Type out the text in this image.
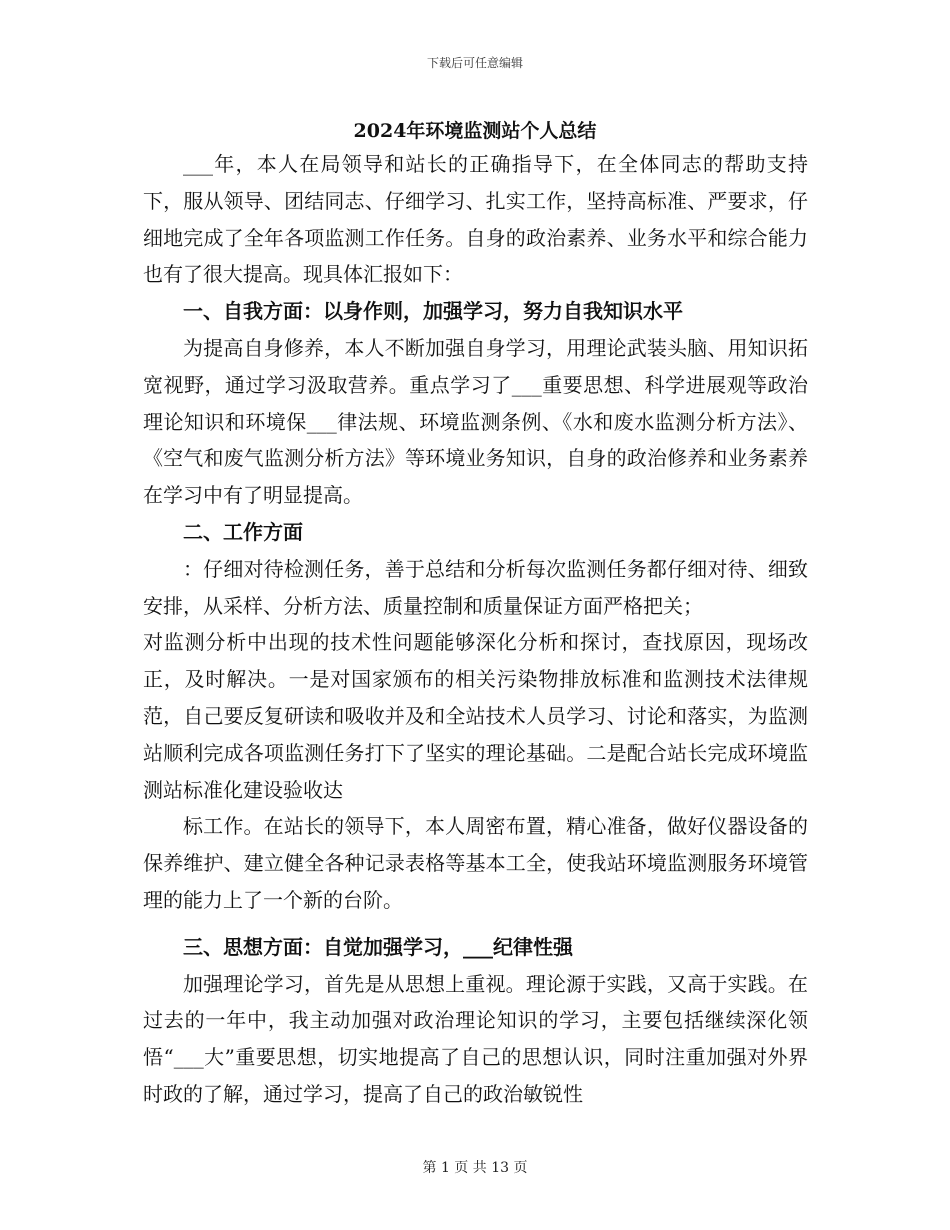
下载后可任意编辑
2024年环境监测站个人总结

___年，本人在局领导和站长的正确指导下，在全体同志的帮助支持下，服从领导、团结同志、仔细学习、扎实工作，坚持高标准、严要求，仔细地完成了全年各项监测工作任务。自身的政治素养、业务水平和综合能力也有了很大提高。现具体汇报如下：

一、自我方面：以身作则，加强学习，努力自我知识水平

为提高自身修养，本人不断加强自身学习，用理论武装头脑、用知识拓宽视野，通过学习汲取营养。重点学习了___重要思想、科学进展观等政治理论知识和环境保___律法规、环境监测条例、《水和废水监测分析方法》、《空气和废气监测分析方法》等环境业务知识，自身的政治修养和业务素养在学习中有了明显提高。

二、工作方面

：仔细对待检测任务，善于总结和分析每次监测任务都仔细对待、细致安排，从采样、分析方法、质量控制和质量保证方面严格把关；

对监测分析中出现的技术性问题能够深化分析和探讨，查找原因，现场改正，及时解决。一是对国家颁布的相关污染物排放标准和监测技术法律规范，自己要反复研读和吸收并及和全站技术人员学习、讨论和落实，为监测站顺利完成各项监测任务打下了坚实的理论基础。二是配合站长完成环境监测站标准化建设验收达

标工作。在站长的领导下，本人周密布置，精心准备，做好仪器设备的保养维护、建立健全各种记录表格等基本工全，使我站环境监测服务环境管理的能力上了一个新的台阶。

三、思想方面：自觉加强学习，___纪律性强

加强理论学习，首先是从思想上重视。理论源于实践，又高于实践。在过去的一年中，我主动加强对政治理论知识的学习，主要包括继续深化领悟“___大”重要思想，切实地提高了自己的思想认识，同时注重加强对外界时政的了解，通过学习，提高了自己的政治敏锐性

第 1 页 共 13 页
